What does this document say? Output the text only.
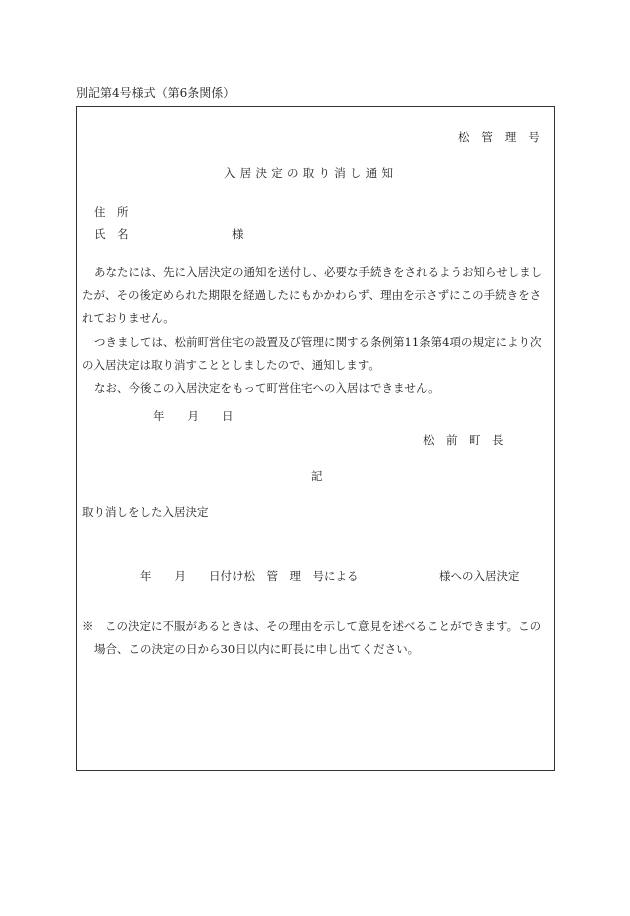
別記第4号様式（第6条関係）
松　管　理　号
入 居 決 定 の 取 り 消 し 通 知
住　所
氏　名　　　　　　　　　様
あなたには、先に入居決定の通知を送付し、必要な手続きをされるようお知らせしまし
たが、その後定められた期限を経過したにもかかわらず、理由を示さずにこの手続きをさ
れておりません。
つきましては、松前町営住宅の設置及び管理に関する条例第11条第4項の規定により次
の入居決定は取り消すこととしましたので、通知します。
なお、今後この入居決定をもって町営住宅への入居はできません。
年　　月　　日
松　前　町　長
記
取り消しをした入居決定
年　　月　　日付け松　管　理　号による　　　　　　　様への入居決定
※　この決定に不服があるときは、その理由を示して意見を述べることができます。この
場合、この決定の日から30日以内に町長に申し出てください。
